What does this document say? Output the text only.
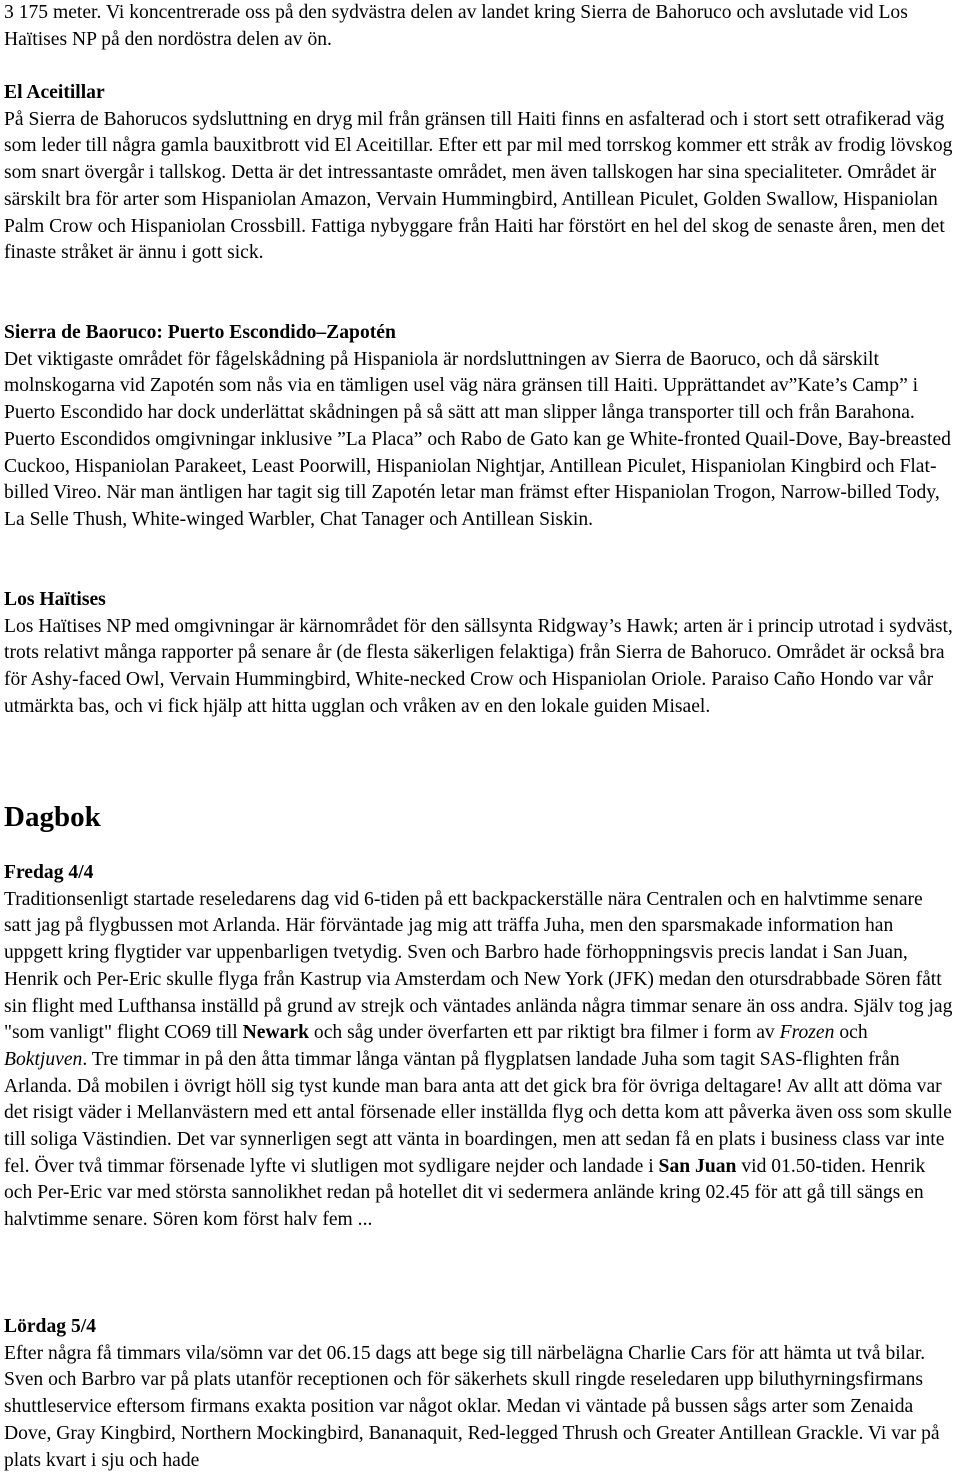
3 175 meter. Vi koncentrerade oss på den sydvästra delen av landet kring Sierra de Bahoruco och avslutade vid Los Haïtises NP på den nordöstra delen av ön.

El Aceitillar
På Sierra de Bahorucos sydsluttning en dryg mil från gränsen till Haiti finns en asfalterad och i stort sett otrafikerad väg som leder till några gamla bauxitbrott vid El Aceitillar. Efter ett par mil med torrskog kommer ett stråk av frodig lövskog som snart övergår i tallskog. Detta är det intressantaste området, men även tallskogen har sina specialiteter. Området är särskilt bra för arter som Hispaniolan Amazon, Vervain Hummingbird, Antillean Piculet, Golden Swallow, Hispaniolan Palm Crow och Hispaniolan Crossbill. Fattiga nybyggare från Haiti har förstört en hel del skog de senaste åren, men det finaste stråket är ännu i gott sick.
Sierra de Baoruco: Puerto Escondido–Zapotén
Det viktigaste området för fågelskådning på Hispaniola är nordsluttningen av Sierra de Baoruco, och då särskilt molnskogarna vid Zapotén som nås via en tämligen usel väg nära gränsen till Haiti. Upprättandet av”Kate’s Camp” i Puerto Escondido har dock underlättat skådningen på så sätt att man slipper långa transporter till och från Barahona. Puerto Escondidos omgivningar inklusive ”La Placa” och Rabo de Gato kan ge White-fronted Quail-Dove, Bay-breasted Cuckoo, Hispaniolan Parakeet, Least Poorwill, Hispaniolan Nightjar, Antillean Piculet, Hispaniolan Kingbird och Flat-billed Vireo. När man äntligen har tagit sig till Zapotén letar man främst efter Hispaniolan Trogon, Narrow-billed Tody, La Selle Thush, White-winged Warbler, Chat Tanager och Antillean Siskin.
Los Haïtises
Los Haïtises NP med omgivningar är kärnområdet för den sällsynta Ridgway’s Hawk; arten är i princip utrotad i sydväst, trots relativt många rapporter på senare år (de flesta säkerligen felaktiga) från Sierra de Bahoruco. Området är också bra för Ashy-faced Owl, Vervain Hummingbird, White-necked Crow och Hispaniolan Oriole. Paraiso Caño Hondo var vår utmärkta bas, och vi fick hjälp att hitta ugglan och vråken av en den lokale guiden Misael.
Dagbok
Fredag 4/4
Traditionsenligt startade reseledarens dag vid 6-tiden på ett backpackerställe nära Centralen och en halvtimme senare satt jag på flygbussen mot Arlanda. Här förväntade jag mig att träffa Juha, men den sparsmakade information han uppgett kring flygtider var uppenbarligen tvetydig. Sven och Barbro hade förhoppningsvis precis landat i San Juan, Henrik och Per-Eric skulle flyga från Kastrup via Amsterdam och New York (JFK) medan den otursdrabbade Sören fått sin flight med Lufthansa inställd på grund av strejk och väntades anlända några timmar senare än oss andra. Själv tog jag "som vanligt" flight CO69 till Newark och såg under överfarten ett par riktigt bra filmer i form av Frozen och Boktjuven. Tre timmar in på den åtta timmar långa väntan på flygplatsen landade Juha som tagit SAS-flighten från Arlanda. Då mobilen i övrigt höll sig tyst kunde man bara anta att det gick bra för övriga deltagare! Av allt att döma var det risigt väder i Mellanvästern med ett antal försenade eller inställda flyg och detta kom att påverka även oss som skulle till soliga Västindien. Det var synnerligen segt att vänta in boardingen, men att sedan få en plats i business class var inte fel. Över två timmar försenade lyfte vi slutligen mot sydligare nejder och landade i San Juan vid 01.50-tiden. Henrik och Per-Eric var med största sannolikhet redan på hotellet dit vi sedermera anlände kring 02.45 för att gå till sängs en halvtimme senare. Sören kom först halv fem ...
Lördag 5/4
Efter några få timmars vila/sömn var det 06.15 dags att bege sig till närbelägna Charlie Cars för att hämta ut två bilar. Sven och Barbro var på plats utanför receptionen och för säkerhets skull ringde reseledaren upp biluthyrningsfirmans shuttleservice eftersom firmans exakta position var något oklar. Medan vi väntade på bussen sågs arter som Zenaida Dove, Gray Kingbird, Northern Mockingbird, Bananaquit, Red-legged Thrush och Greater Antillean Grackle. Vi var på plats kvart i sju och hade
